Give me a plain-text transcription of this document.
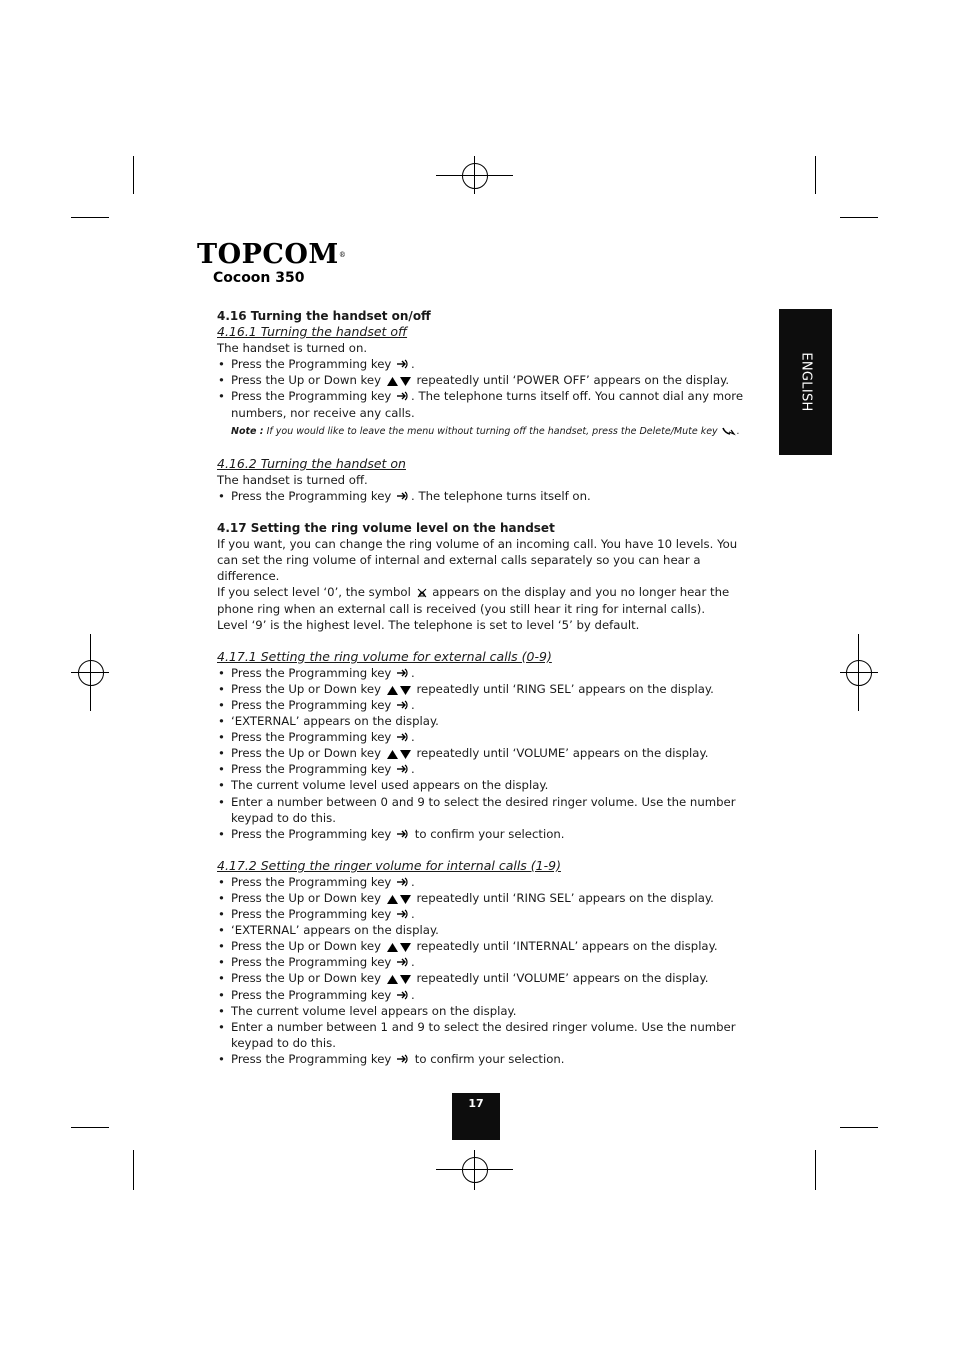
TOPCOM®
Cocoon 350
ENGLISH
4.16 Turning the handset on/off
4.16.1 Turning the handset off

The handset is turned on.

• Press the Programming key .
• Press the Up or Down key	repeatedly until ‘POWER OFF’ appears on the display.
• Press the Programming key . The telephone turns itself off. You cannot dial any more numbers, nor receive any calls.
Note : If you would like to leave the menu without turning off the handset, press the Delete/Mute key .
4.16.2 Turning the handset on

The handset is turned off.

• Press the Programming key . The telephone turns itself on.
4.17 Setting the ring volume level on the handset

If you want, you can change the ring volume of an incoming call. You have 10 levels. You can set the ring volume of internal and external calls separately so you can hear a difference.

If you select level ‘0’, the symbol appears on the display and you no longer hear the phone ring when an external call is received (you still hear it ring for internal calls).

Level ‘9’ is the highest level. The telephone is set to level ‘5’ by default.

4.17.1 Setting the ring volume for external calls (0-9)
• Press the Programming key .
• Press the Up or Down key	repeatedly until ‘RING SEL’ appears on the display.
• Press the Programming key .
• ‘EXTERNAL’ appears on the display.
• Press the Programming key .
• Press the Up or Down key	repeatedly until ‘VOLUME’ appears on the display.
• Press the Programming key .
• The current volume level used appears on the display.
• Enter a number between 0 and 9 to select the desired ringer volume. Use the number keypad to do this.
• Press the Programming key to confirm your selection.
4.17.2 Setting the ringer volume for internal calls (1-9)
• Press the Programming key .
• Press the Up or Down key	repeatedly until ‘RING SEL’ appears on the display.
• Press the Programming key .
• ‘EXTERNAL’ appears on the display.
• Press the Up or Down key	repeatedly until ‘INTERNAL’ appears on the display.
• Press the Programming key .
• Press the Up or Down key	repeatedly until ‘VOLUME’ appears on the display.
• Press the Programming key .
• The current volume level appears on the display.
• Enter a number between 1 and 9 to select the desired ringer volume. Use the number keypad to do this.
• Press the Programming key to confirm your selection.
17
